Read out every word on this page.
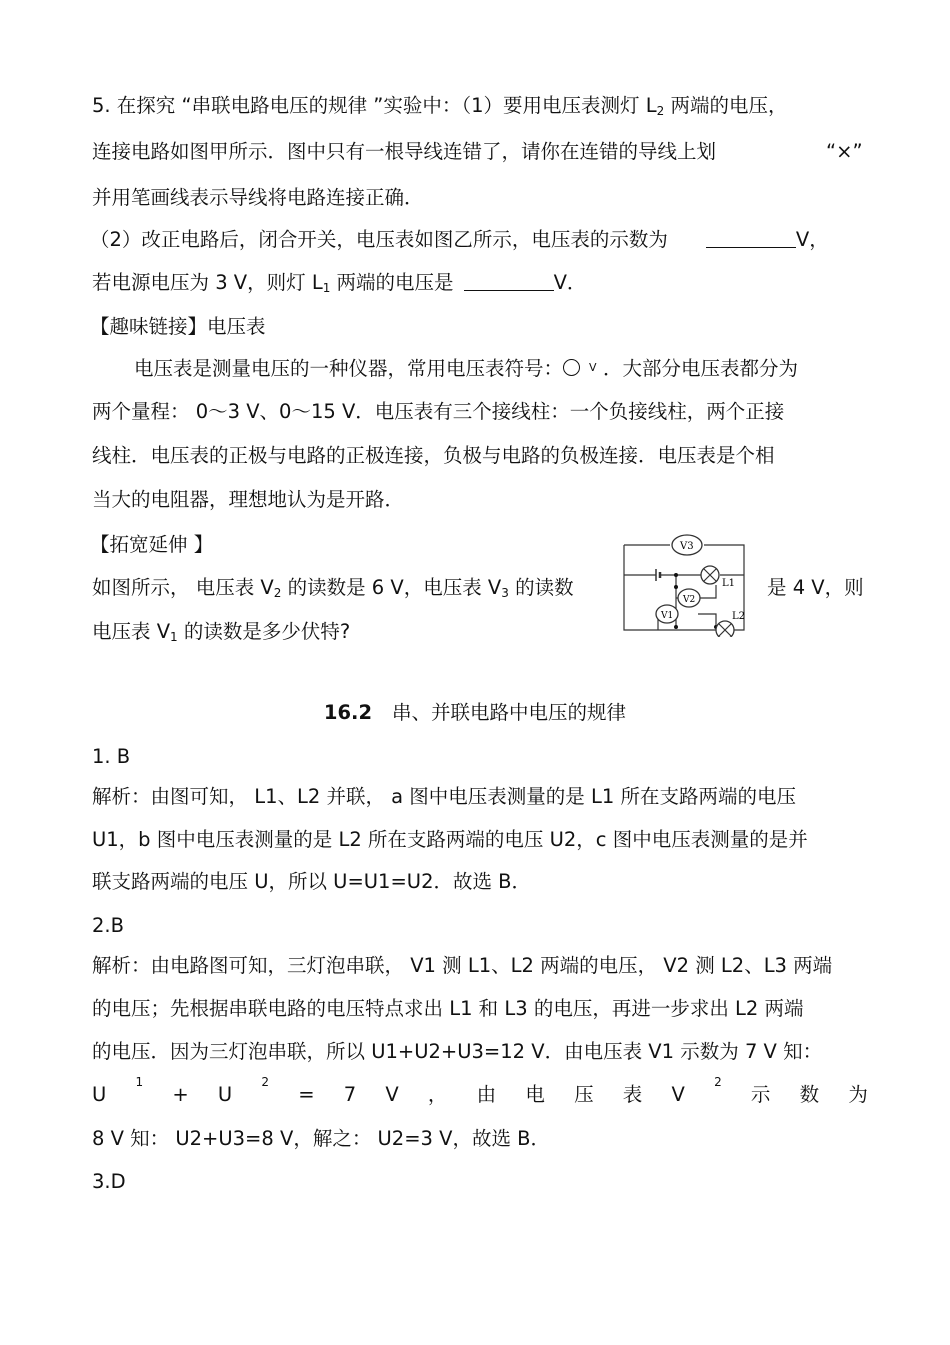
5. 在探究 “串联电路电压的规律 ”实验中：（1）要用电压表测灯 $L_2$ 两端的电压，
连接电路如图甲所示．图中只有一根导线连错了，请你在连错的导线上划	“×”
并用笔画线表示导线将电路连接正确．
（2）改正电路后，闭合开关，电压表如图乙所示，电压表的示数为	V，
若电源电压为 3 V，则灯 $L_1$ 两端的电压是	V．
【趣味链接】电压表
电压表是测量电压的一种仪器，常用电压表符号： V ．大部分电压表都分为
两个量程： 0～3 V、0～15 V．电压表有三个接线柱：一个负接线柱，两个正接
线柱．电压表的正极与电路的正极连接，负极与电路的负极连接．电压表是个相
当大的电阻器，理想地认为是开路．
【拓宽延伸 】
如图所示， 电压表 $V_2$ 的读数是 6 V，电压表 $V_3$ 的读数	是 4 V，则
电压表 $V_1$ 的读数是多少伏特?
V3
L1
V2
V1	L2
16.2 串、并联电路中电压的规律
1. B
解析：由图可知， L1、L2 并联， a 图中电压表测量的是 L1 所在支路两端的电压
U1，b 图中电压表测量的是 L2 所在支路两端的电压 U2，c 图中电压表测量的是并
联支路两端的电压 U，所以 U=U1=U2．故选 B．
2.B
解析：由电路图可知，三灯泡串联， V1 测 L1、L2 两端的电压， V2 测 L2、L3 两端
的电压；先根据串联电路的电压特点求出 L1 和 L3 的电压，再进一步求出 L2 两端
的电压．因为三灯泡串联，所以 U1+U2+U3=12 V．由电压表 V1 示数为 7 V 知：
U
1
+ U
2
= 7 V ， 由 电 压 表 V
2
示 数 为
8 V 知： U2+U3=8 V，解之： U2=3 V，故选 B．
3.D
